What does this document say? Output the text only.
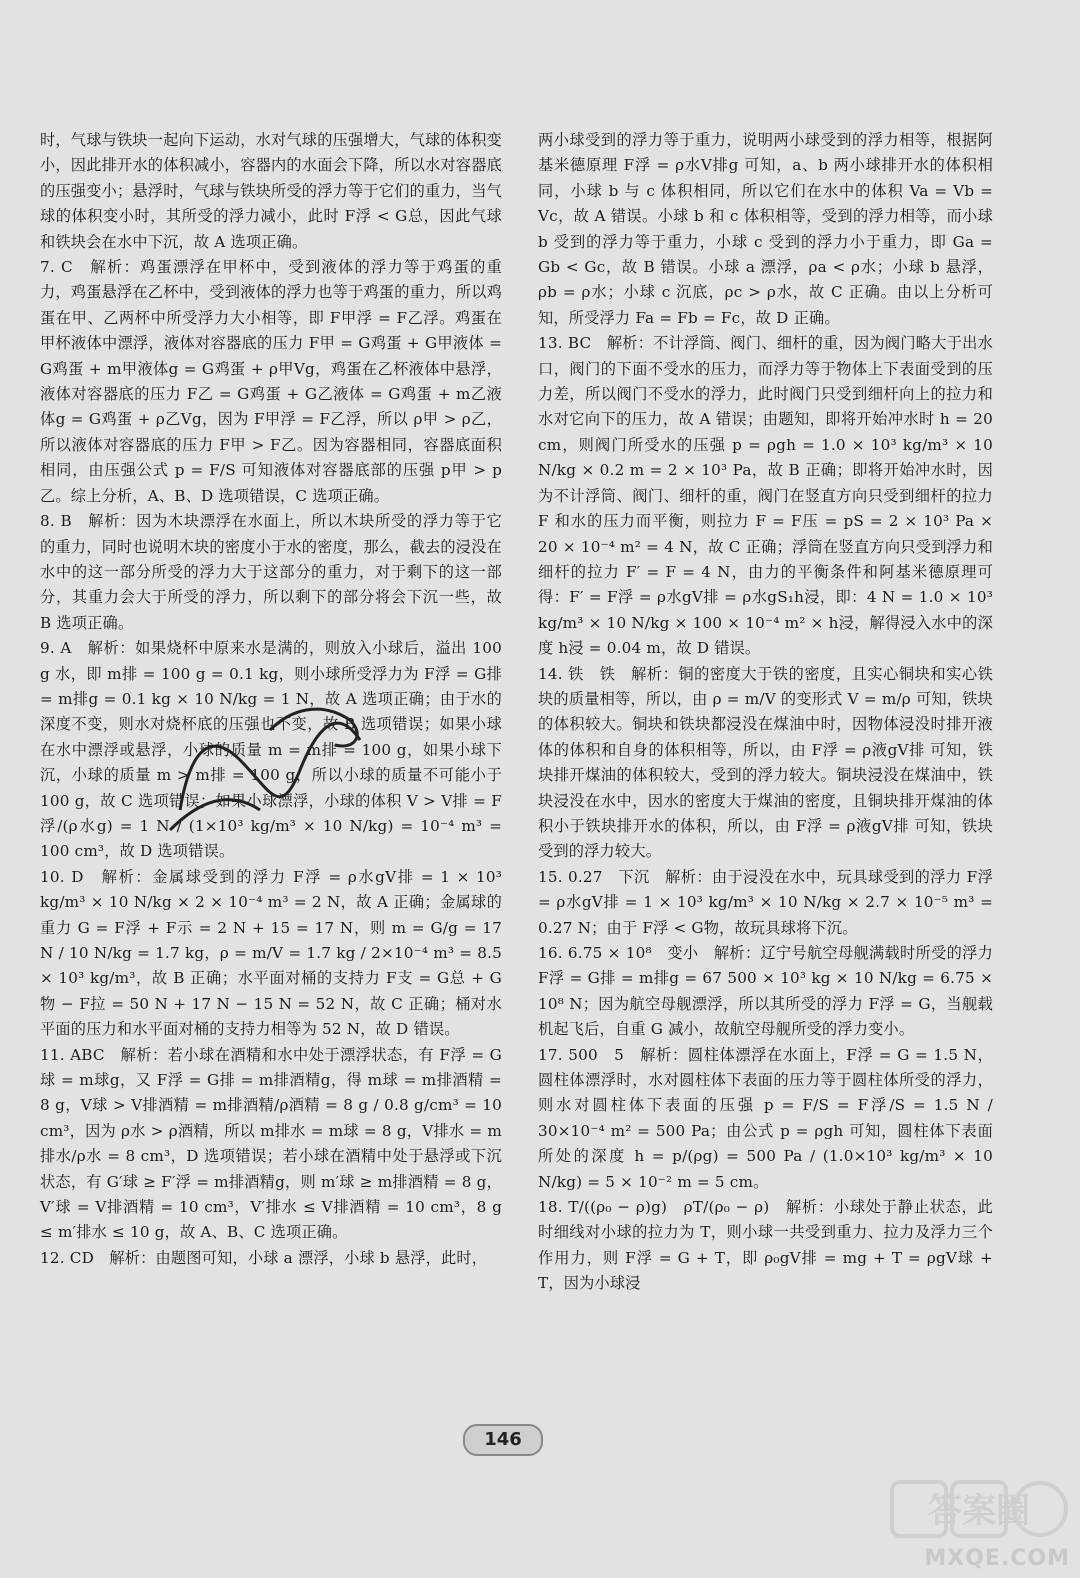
时，气球与铁块一起向下运动，水对气球的压强增大，气球的体积变小，因此排开水的体积减小，容器内的水面会下降，所以水对容器底的压强变小；悬浮时，气球与铁块所受的浮力等于它们的重力，当气球的体积变小时，其所受的浮力减小，此时 F浮 < G总，因此气球和铁块会在水中下沉，故 A 选项正确。

7. C　解析：鸡蛋漂浮在甲杯中，受到液体的浮力等于鸡蛋的重力，鸡蛋悬浮在乙杯中，受到液体的浮力也等于鸡蛋的重力，所以鸡蛋在甲、乙两杯中所受浮力大小相等，即 F甲浮 = F乙浮。鸡蛋在甲杯液体中漂浮，液体对容器底的压力 F甲 = G鸡蛋 + G甲液体 = G鸡蛋 + m甲液体g = G鸡蛋 + ρ甲Vg，鸡蛋在乙杯液体中悬浮，液体对容器底的压力 F乙 = G鸡蛋 + G乙液体 = G鸡蛋 + m乙液体g = G鸡蛋 + ρ乙Vg，因为 F甲浮 = F乙浮，所以 ρ甲 > ρ乙，所以液体对容器底的压力 F甲 > F乙。因为容器相同，容器底面积相同，由压强公式 p = F/S 可知液体对容器底部的压强 p甲 > p乙。综上分析，A、B、D 选项错误，C 选项正确。

8. B　解析：因为木块漂浮在水面上，所以木块所受的浮力等于它的重力，同时也说明木块的密度小于水的密度，那么，截去的浸没在水中的这一部分所受的浮力大于这部分的重力，对于剩下的这一部分，其重力会大于所受的浮力，所以剩下的部分将会下沉一些，故 B 选项正确。

9. A　解析：如果烧杯中原来水是满的，则放入小球后，溢出 100 g 水，即 m排 = 100 g = 0.1 kg，则小球所受浮力为 F浮 = G排 = m排g = 0.1 kg × 10 N/kg = 1 N，故 A 选项正确；由于水的深度不变，则水对烧杯底的压强也不变，故 B 选项错误；如果小球在水中漂浮或悬浮，小球的质量 m = m排 = 100 g，如果小球下沉，小球的质量 m > m排 = 100 g，所以小球的质量不可能小于 100 g，故 C 选项错误；如果小球漂浮，小球的体积 V > V排 = F浮/(ρ水g) = 1 N / (1×10³ kg/m³ × 10 N/kg) = 10⁻⁴ m³ = 100 cm³，故 D 选项错误。

10. D　解析：金属球受到的浮力 F浮 = ρ水gV排 = 1 × 10³ kg/m³ × 10 N/kg × 2 × 10⁻⁴ m³ = 2 N，故 A 正确；金属球的重力 G = F浮 + F示 = 2 N + 15 = 17 N，则 m = G/g = 17 N / 10 N/kg = 1.7 kg，ρ = m/V = 1.7 kg / 2×10⁻⁴ m³ = 8.5 × 10³ kg/m³，故 B 正确；水平面对桶的支持力 F支 = G总 + G物 − F拉 = 50 N + 17 N − 15 N = 52 N，故 C 正确；桶对水平面的压力和水平面对桶的支持力相等为 52 N，故 D 错误。

11. ABC　解析：若小球在酒精和水中处于漂浮状态，有 F浮 = G球 = m球g，又 F浮 = G排 = m排酒精g，得 m球 = m排酒精 = 8 g，V球 > V排酒精 = m排酒精/ρ酒精 = 8 g / 0.8 g/cm³ = 10 cm³，因为 ρ水 > ρ酒精，所以 m排水 = m球 = 8 g，V排水 = m排水/ρ水 = 8 cm³，D 选项错误；若小球在酒精中处于悬浮或下沉状态，有 G′球 ≥ F′浮 = m排酒精g，则 m′球 ≥ m排酒精 = 8 g，V′球 = V排酒精 = 10 cm³，V′排水 ≤ V排酒精 = 10 cm³，8 g ≤ m′排水 ≤ 10 g，故 A、B、C 选项正确。

12. CD　解析：由题图可知，小球 a 漂浮，小球 b 悬浮，此时，

两小球受到的浮力等于重力，说明两小球受到的浮力相等，根据阿基米德原理 F浮 = ρ水V排g 可知，a、b 两小球排开水的体积相同，小球 b 与 c 体积相同，所以它们在水中的体积 Va = Vb = Vc，故 A 错误。小球 b 和 c 体积相等，受到的浮力相等，而小球 b 受到的浮力等于重力，小球 c 受到的浮力小于重力，即 Ga = Gb < Gc，故 B 错误。小球 a 漂浮，ρa < ρ水；小球 b 悬浮，ρb = ρ水；小球 c 沉底，ρc > ρ水，故 C 正确。由以上分析可知，所受浮力 Fa = Fb = Fc，故 D 正确。

13. BC　解析：不计浮筒、阀门、细杆的重，因为阀门略大于出水口，阀门的下面不受水的压力，而浮力等于物体上下表面受到的压力差，所以阀门不受水的浮力，此时阀门只受到细杆向上的拉力和水对它向下的压力，故 A 错误；由题知，即将开始冲水时 h = 20 cm，则阀门所受水的压强 p = ρgh = 1.0 × 10³ kg/m³ × 10 N/kg × 0.2 m = 2 × 10³ Pa，故 B 正确；即将开始冲水时，因为不计浮筒、阀门、细杆的重，阀门在竖直方向只受到细杆的拉力 F 和水的压力而平衡，则拉力 F = F压 = pS = 2 × 10³ Pa × 20 × 10⁻⁴ m² = 4 N，故 C 正确；浮筒在竖直方向只受到浮力和细杆的拉力 F′ = F = 4 N，由力的平衡条件和阿基米德原理可得：F′ = F浮 = ρ水gV排 = ρ水gS₁h浸，即：4 N = 1.0 × 10³ kg/m³ × 10 N/kg × 100 × 10⁻⁴ m² × h浸，解得浸入水中的深度 h浸 = 0.04 m，故 D 错误。

14. 铁　铁　解析：铜的密度大于铁的密度，且实心铜块和实心铁块的质量相等，所以，由 ρ = m/V 的变形式 V = m/ρ 可知，铁块的体积较大。铜块和铁块都浸没在煤油中时，因物体浸没时排开液体的体积和自身的体积相等，所以，由 F浮 = ρ液gV排 可知，铁块排开煤油的体积较大，受到的浮力较大。铜块浸没在煤油中，铁块浸没在水中，因水的密度大于煤油的密度，且铜块排开煤油的体积小于铁块排开水的体积，所以，由 F浮 = ρ液gV排 可知，铁块受到的浮力较大。

15. 0.27　下沉　解析：由于浸没在水中，玩具球受到的浮力 F浮 = ρ水gV排 = 1 × 10³ kg/m³ × 10 N/kg × 2.7 × 10⁻⁵ m³ = 0.27 N；由于 F浮 < G物，故玩具球将下沉。

16. 6.75 × 10⁸　变小　解析：辽宁号航空母舰满载时所受的浮力 F浮 = G排 = m排g = 67 500 × 10³ kg × 10 N/kg = 6.75 × 10⁸ N；因为航空母舰漂浮，所以其所受的浮力 F浮 = G，当舰载机起飞后，自重 G 减小，故航空母舰所受的浮力变小。

17. 500　5　解析：圆柱体漂浮在水面上，F浮 = G = 1.5 N，圆柱体漂浮时，水对圆柱体下表面的压力等于圆柱体所受的浮力，则水对圆柱体下表面的压强 p = F/S = F浮/S = 1.5 N / 30×10⁻⁴ m² = 500 Pa；由公式 p = ρgh 可知，圆柱体下表面所处的深度 h = p/(ρg) = 500 Pa / (1.0×10³ kg/m³ × 10 N/kg) = 5 × 10⁻² m = 5 cm。

18. T/((ρ₀ − ρ)g)　ρT/(ρ₀ − ρ)　解析：小球处于静止状态，此时细线对小球的拉力为 T，则小球一共受到重力、拉力及浮力三个作用力，则 F浮 = G + T，即 ρ₀gV排 = mg + T = ρgV球 + T，因为小球浸

146
答案圈
MXQE.COM
